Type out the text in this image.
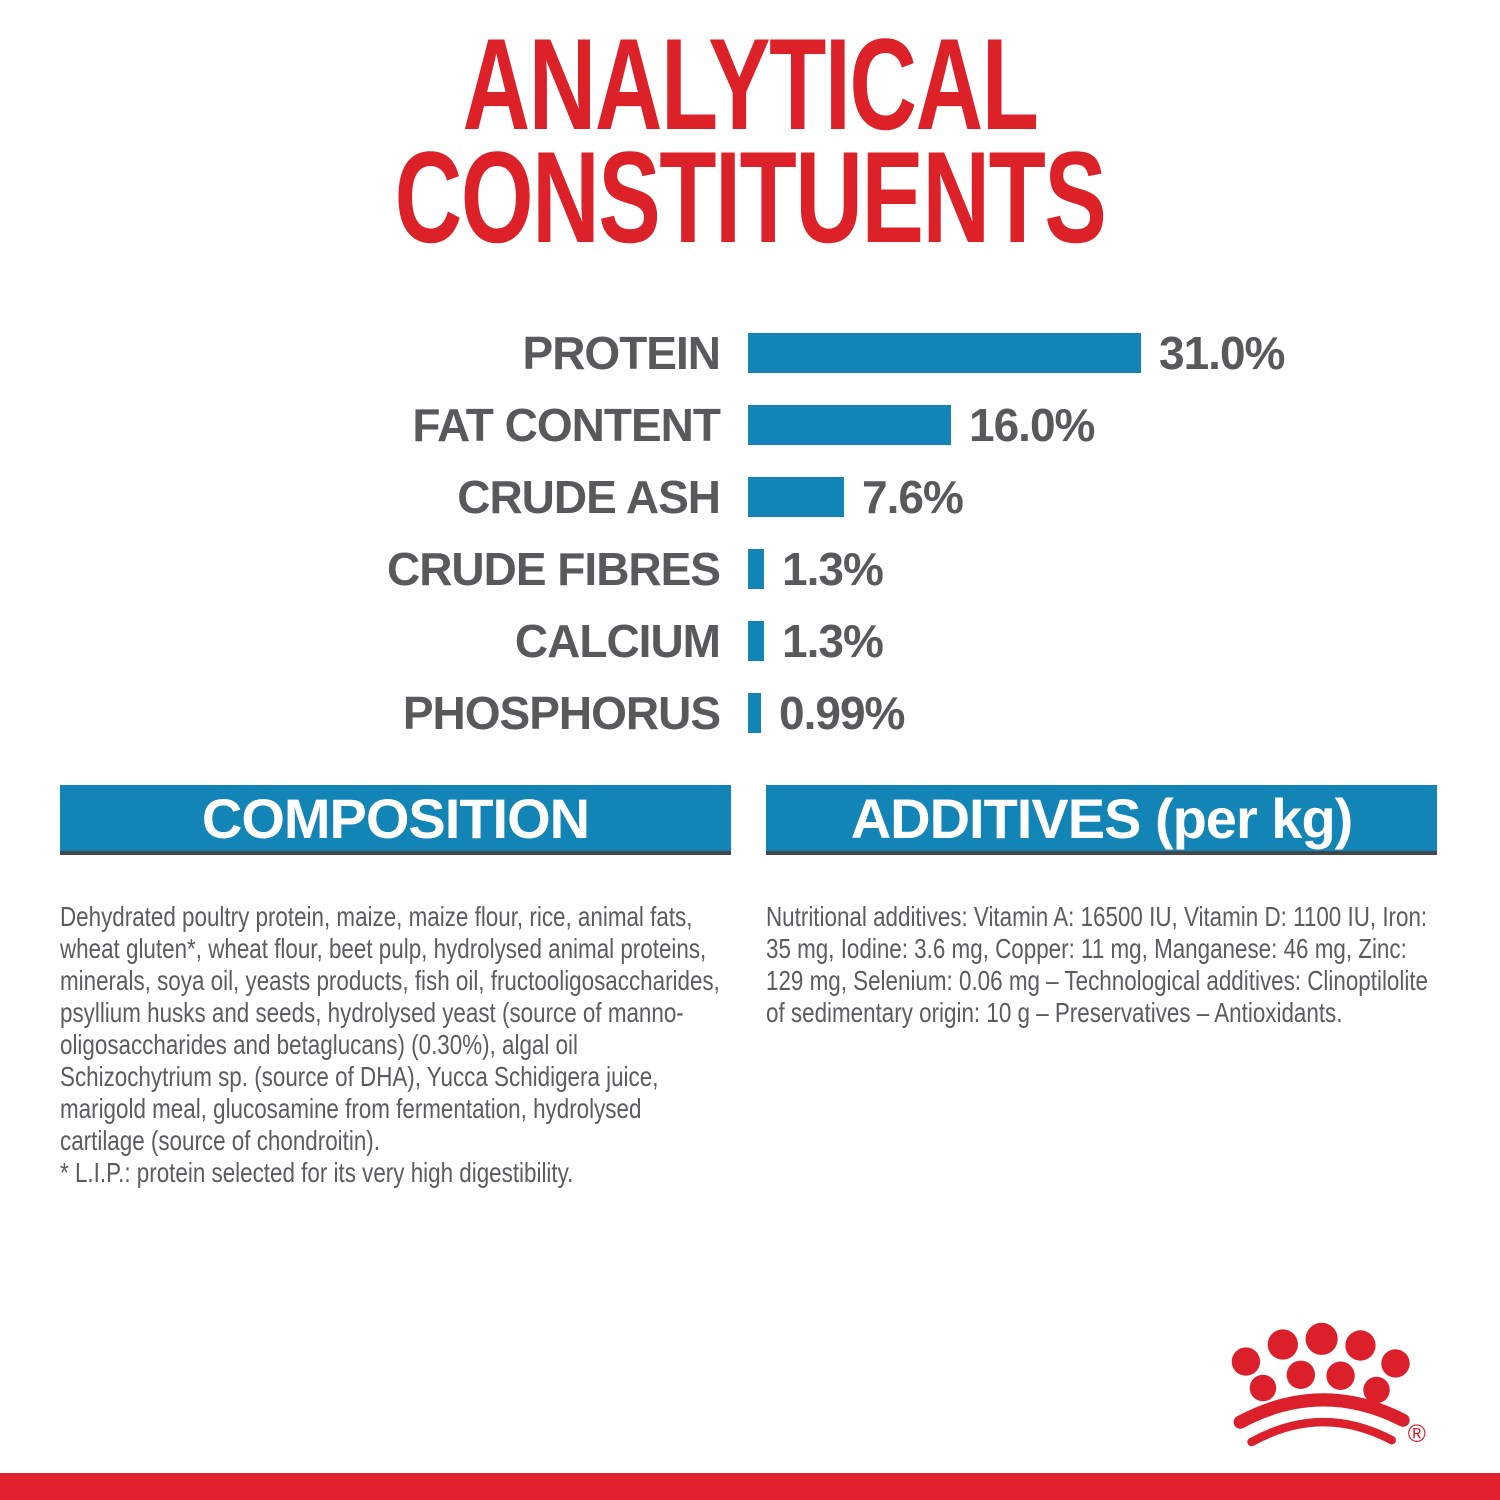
ANALYTICAL
CONSTITUENTS
PROTEIN	31.0%
FAT CONTENT	16.0%
CRUDE ASH	7.6%
CRUDE FIBRES 1.3%
CALCIUM 1.3%
PHOSPHORUS 0.99%
COMPOSITION

Dehydrated poultry protein, maize, maize flour, rice, animal fats, wheat gluten*, wheat flour, beet pulp, hydrolysed animal proteins, minerals, soya oil, yeasts products, fish oil, fructooligosaccharides, psyllium husks and seeds, hydrolysed yeast (source of manno-oligosaccharides and betaglucans) (0.30%), algal oil Schizochytrium sp. (source of DHA), Yucca Schidigera juice, marigold meal, glucosamine from fermentation, hydrolysed cartilage (source of chondroitin).

* L.I.P.: protein selected for its very high digestibility.

ADDITIVES (per kg)

Nutritional additives: Vitamin A: 16500 IU, Vitamin D: 1100 IU, Iron: 35 mg, Iodine: 3.6 mg, Copper: 11 mg, Manganese: 46 mg, Zinc: 129 mg, Selenium: 0.06 mg – Technological additives: Clinoptilolite of sedimentary origin: 10 g – Preservatives – Antioxidants.

®
